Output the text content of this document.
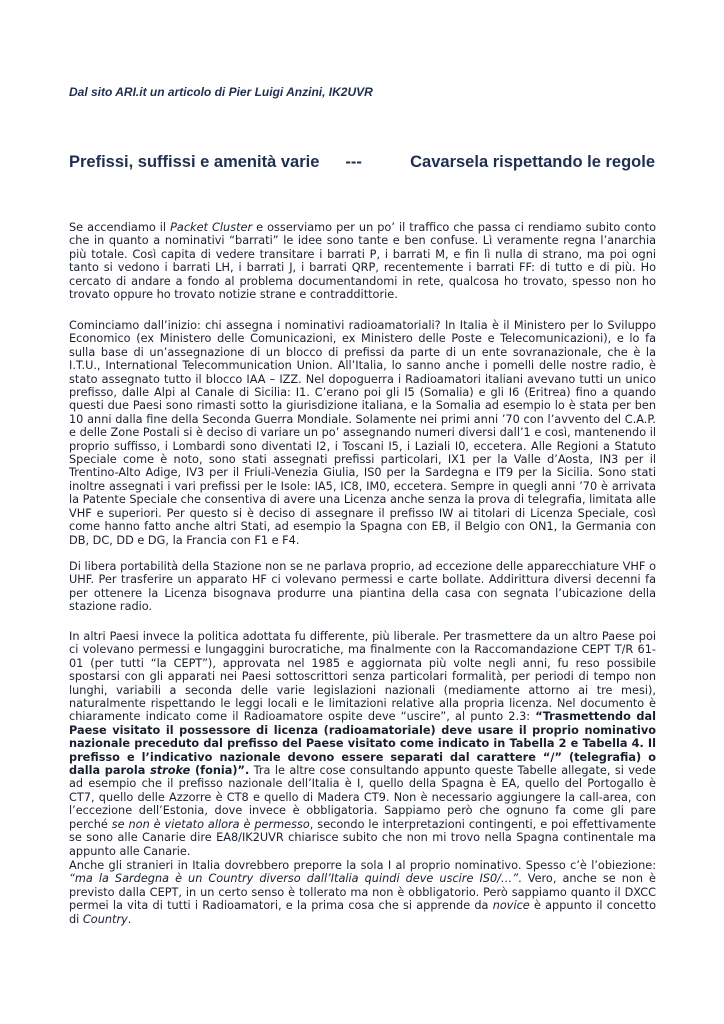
Dal sito ARI.it un articolo di Pier Luigi Anzini, IK2UVR
Prefissi, suffissi e amenità varie ---	Cavarsela rispettando le regole

Se accendiamo il Packet Cluster e osserviamo per un po’ il traffico che passa ci rendiamo subito conto che in quanto a nominativi “barrati” le idee sono tante e ben confuse. Lì veramente regna l’anarchia più totale. Così capita di vedere transitare i barrati P, i barrati M, e fin lì nulla di strano, ma poi ogni tanto si vedono i barrati LH, i barrati J, i barrati QRP, recentemente i barrati FF: di tutto e di più. Ho cercato di andare a fondo al problema documentandomi in rete, qualcosa ho trovato, spesso non ho trovato oppure ho trovato notizie strane e contraddittorie.

Cominciamo dall’inizio: chi assegna i nominativi radioamatoriali? In Italia è il Ministero per lo Sviluppo Economico (ex Ministero delle Comunicazioni, ex Ministero delle Poste e Telecomunicazioni), e lo fa sulla base di un’assegnazione di un blocco di prefissi da parte di un ente sovranazionale, che è la I.T.U., International Telecommunication Union. All’Italia, lo sanno anche i pomelli delle nostre radio, è stato assegnato tutto il blocco IAA – IZZ. Nel dopoguerra i Radioamatori italiani avevano tutti un unico prefisso, dalle Alpi al Canale di Sicilia: I1. C’erano poi gli I5 (Somalia) e gli I6 (Eritrea) fino a quando questi due Paesi sono rimasti sotto la giurisdizione italiana, e la Somalia ad esempio lo è stata per ben 10 anni dalla fine della Seconda Guerra Mondiale. Solamente nei primi anni ’70 con l’avvento del C.A.P. e delle Zone Postali si è deciso di variare un po’ assegnando numeri diversi dall’1 e così, mantenendo il proprio suffisso, i Lombardi sono diventati I2, i Toscani I5, i Laziali I0, eccetera. Alle Regioni a Statuto Speciale come è noto, sono stati assegnati prefissi particolari, IX1 per la Valle d’Aosta, IN3 per il Trentino-Alto Adige, IV3 per il Friuli-Venezia Giulia, IS0 per la Sardegna e IT9 per la Sicilia. Sono stati inoltre assegnati i vari prefissi per le Isole: IA5, IC8, IM0, eccetera. Sempre in quegli anni ’70 è arrivata la Patente Speciale che consentiva di avere una Licenza anche senza la prova di telegrafia, limitata alle VHF e superiori. Per questo si è deciso di assegnare il prefisso IW ai titolari di Licenza Speciale, così come hanno fatto anche altri Stati, ad esempio la Spagna con EB, il Belgio con ON1, la Germania con DB, DC, DD e DG, la Francia con F1 e F4.

Di libera portabilità della Stazione non se ne parlava proprio, ad eccezione delle apparecchiature VHF o UHF. Per trasferire un apparato HF ci volevano permessi e carte bollate. Addirittura diversi decenni fa per ottenere la Licenza bisognava produrre una piantina della casa con segnata l’ubicazione della stazione radio.

In altri Paesi invece la politica adottata fu differente, più liberale. Per trasmettere da un altro Paese poi ci volevano permessi e lungaggini burocratiche, ma finalmente con la Raccomandazione CEPT T/R 61-01 (per tutti “la CEPT”), approvata nel 1985 e aggiornata più volte negli anni, fu reso possibile spostarsi con gli apparati nei Paesi sottoscrittori senza particolari formalità, per periodi di tempo non lunghi, variabili a seconda delle varie legislazioni nazionali (mediamente attorno ai tre mesi), naturalmente rispettando le leggi locali e le limitazioni relative alla propria licenza. Nel documento è chiaramente indicato come il Radioamatore ospite deve “uscire”, al punto 2.3: “Trasmettendo dal Paese visitato il possessore di licenza (radioamatoriale) deve usare il proprio nominativo nazionale preceduto dal prefisso del Paese visitato come indicato in Tabella 2 e Tabella 4. Il prefisso e l’indicativo nazionale devono essere separati dal carattere “/” (telegrafia) o dalla parola stroke (fonia)”. Tra le altre cose consultando appunto queste Tabelle allegate, si vede ad esempio che il prefisso nazionale dell’Italia è I, quello della Spagna è EA, quello del Portogallo è CT7, quello delle Azzorre è CT8 e quello di Madera CT9. Non è necessario aggiungere la call-area, con l’eccezione dell’Estonia, dove invece è obbligatoria. Sappiamo però che ognuno fa come gli pare perché se non è vietato allora è permesso, secondo le interpretazioni contingenti, e poi effettivamente se sono alle Canarie dire EA8/IK2UVR chiarisce subito che non mi trovo nella Spagna continentale ma appunto alle Canarie.

Anche gli stranieri in Italia dovrebbero preporre la sola I al proprio nominativo. Spesso c’è l’obiezione: “ma la Sardegna è un Country diverso dall’Italia quindi deve uscire IS0/…”. Vero, anche se non è previsto dalla CEPT, in un certo senso è tollerato ma non è obbligatorio. Però sappiamo quanto il DXCC permei la vita di tutti i Radioamatori, e la prima cosa che si apprende da novice è appunto il concetto di Country.
